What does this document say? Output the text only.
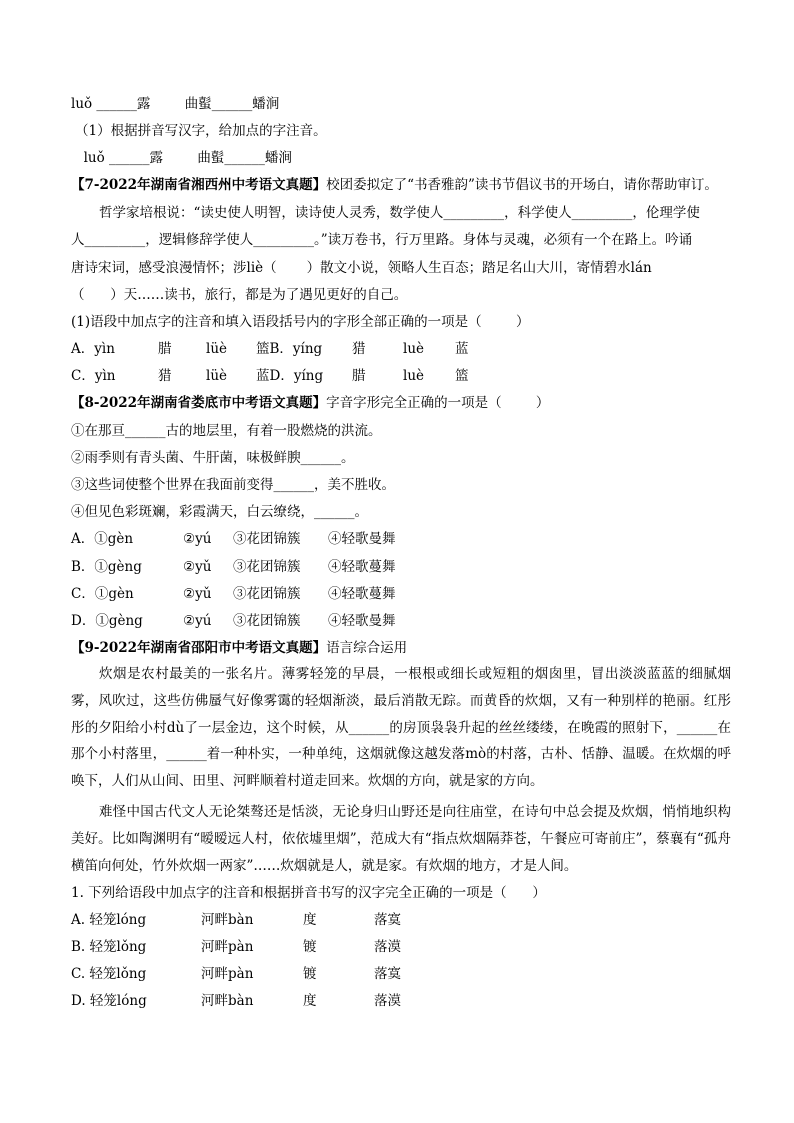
luǒ ______露        曲蟚______蟠涧
（1）根据拼音写汉字，给加点的字注音。
luǒ ______露        曲蟚______蟠涧
【7-2022年湖南省湘西州中考语文真题】校团委拟定了“书香雅韵”读书节倡议书的开场白，请你帮助审订。
哲学家培根说：“读史使人明智，读诗使人灵秀，数学使人_________，科学使人_________，伦理学使
人_________，逻辑修辞学使人_________。”读万卷书，行万里路。身体与灵魂，必须有一个在路上。吟诵
唐诗宋词，感受浪漫情怀；涉liè（       ）散文小说，领略人生百态；踏足名山大川，寄情碧水lán
（      ）天……读书，旅行，都是为了遇见更好的自己。
(1)语段中加点字的注音和填入语段括号内的字形全部正确的一项是（        ）
A．yìn	腊	lüè 篮B．yíng 猎	luè 蓝
C．yìn	猎	lüè 蓝D．yíng 腊	luè 篮
【8-2022年湖南省娄底市中考语文真题】字音字形完全正确的一项是（        ）
①在那亘______古的地层里，有着一股燃烧的洪流。
②雨季则有青头菌、牛肝菌，味极鲜腴______。
③这些词使整个世界在我面前变得______，美不胜收。
④但见色彩斑斓，彩霞满天，白云缭绕，______。
A．①gèn	②yú ③花团锦簇 ④轻歌曼舞
B．①gèng	②yǔ ③花团锦簇 ④轻歌蔓舞
C．①gèn	②yǔ ③花团锦簇 ④轻歌蔓舞
D．①gèng	②yú ③花团锦簇 ④轻歌曼舞
【9-2022年湖南省邵阳市中考语文真题】语言综合运用
炊烟是农村最美的一张名片。薄雾轻笼的早晨，一根根或细长或短粗的烟囱里，冒出淡淡蓝蓝的细腻烟雾，风吹过，这些仿佛蜃气好像雾霭的轻烟渐淡，最后消散无踪。而黄昏的炊烟，又有一种别样的艳丽。红彤彤的夕阳给小村dù了一层金边，这个时候，从______的房顶袅袅升起的丝丝缕缕，在晚霞的照射下，______在那个小村落里，______着一种朴实，一种单纯，这烟就像这越发落mò的村落，古朴、恬静、温暖。在炊烟的呼唤下，人们从山间、田里、河畔顺着村道走回来。炊烟的方向，就是家的方向。
难怪中国古代文人无论桀骜还是恬淡，无论身归山野还是向往庙堂，在诗句中总会提及炊烟，悄悄地织构美好。比如陶渊明有“暧暧远人村，依依墟里烟”，范成大有“指点炊烟隔莽苍，午餐应可寄前庄”，蔡襄有“孤舟横笛向何处，竹外炊烟一两家”……炊烟就是人，就是家。有炊烟的地方，才是人间。
1. 下列给语段中加点字的注音和根据拼音书写的汉字完全正确的一项是（      ）
A. 轻笼lóng	河畔bàn	度	落寞
B. 轻笼lǒng	河畔pàn	镀	落漠
C. 轻笼lǒng	河畔pàn	镀	落寞
D. 轻笼lóng	河畔bàn	度	落漠
